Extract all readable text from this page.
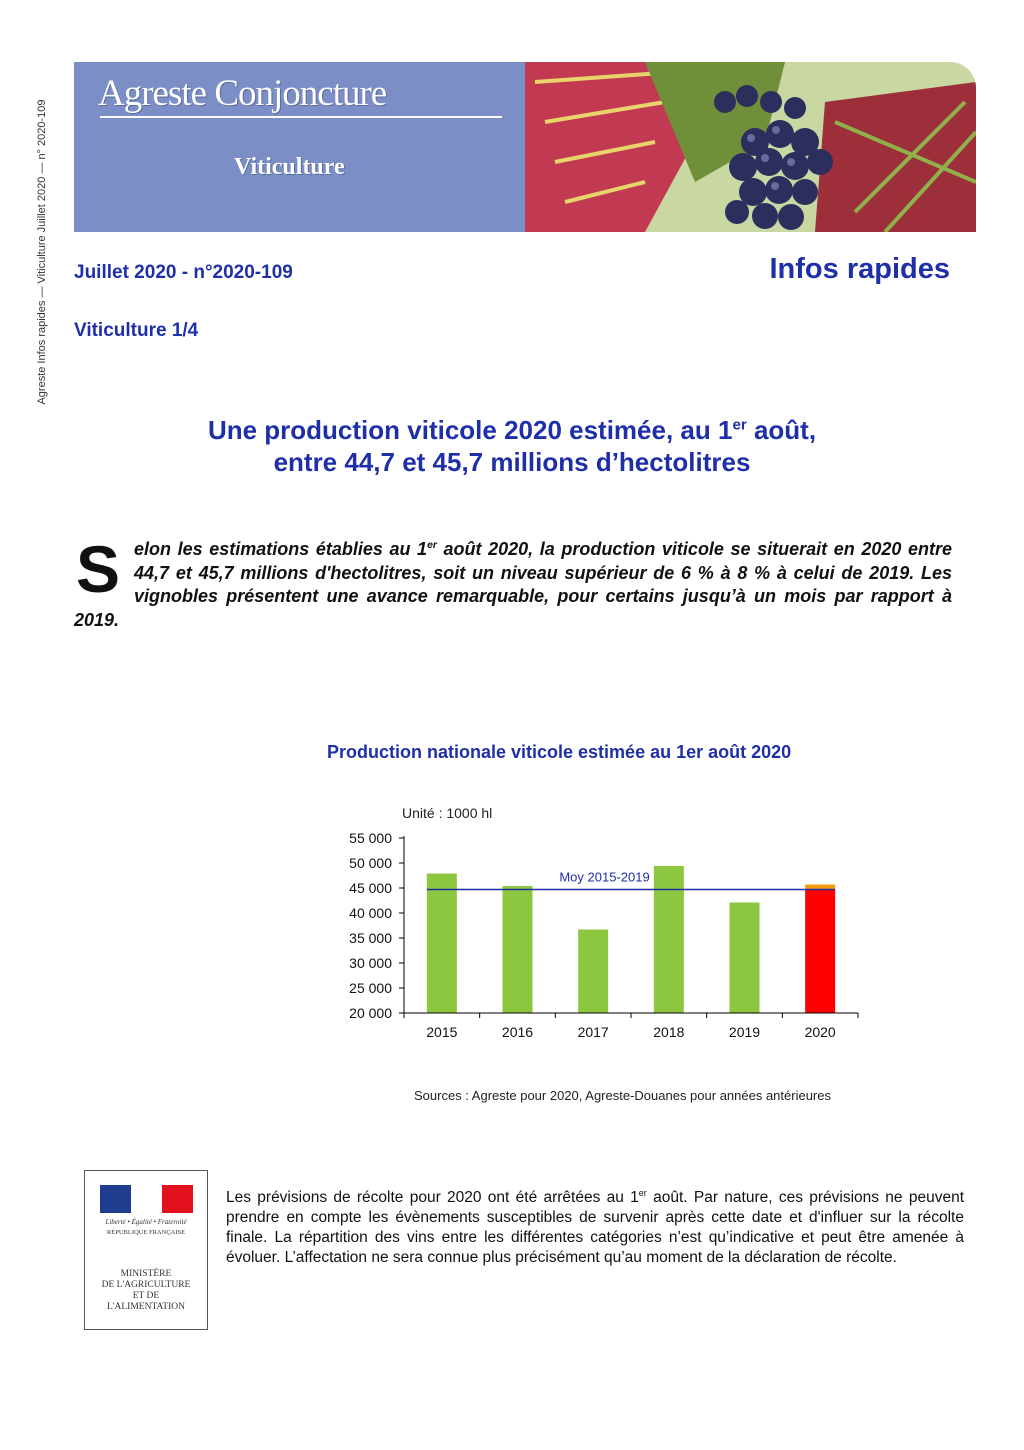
Agreste Infos rapides — Viticulture Juillet 2020 — n° 2020-109
Agreste Conjoncture
Viticulture
Juillet 2020 - n°2020-109	Infos rapides
Viticulture 1/4
Une production viticole 2020 estimée, au 1er août,
entre 44,7 et 45,7 millions d’hectolitres
Selon les estimations établies au 1er août 2020, la production viticole se situerait en 2020 entre 44,7 et 45,7 millions d'hectolitres, soit un niveau supérieur de 6 % à 8 % à celui de 2019. Les vignobles présentent une avance remarquable, pour certains jusqu’à un mois par rapport à 2019.
Production nationale viticole estimée au 1er août 2020
Unité : 1000 hl
20 000
25 000
30 000
35 000
40 000
45 000
50 000
55 000
2015	2016	2017	2018	2019	2020
Moy 2015-2019
Sources : Agreste pour 2020, Agreste-Douanes pour années antérieures
Liberté • Égalité • Fraternité
RÉPUBLIQUE FRANÇAISE
MINISTÈRE
DE L'AGRICULTURE
ET DE
L'ALIMENTATION
Les prévisions de récolte pour 2020 ont été arrêtées au 1er août. Par nature, ces prévisions ne peuvent prendre en compte les évènements susceptibles de survenir après cette date et d'influer sur la récolte finale. La répartition des vins entre les différentes catégories n’est qu’indicative et peut être amenée à évoluer. L’affectation ne sera connue plus précisément qu’au moment de la déclaration de récolte.
